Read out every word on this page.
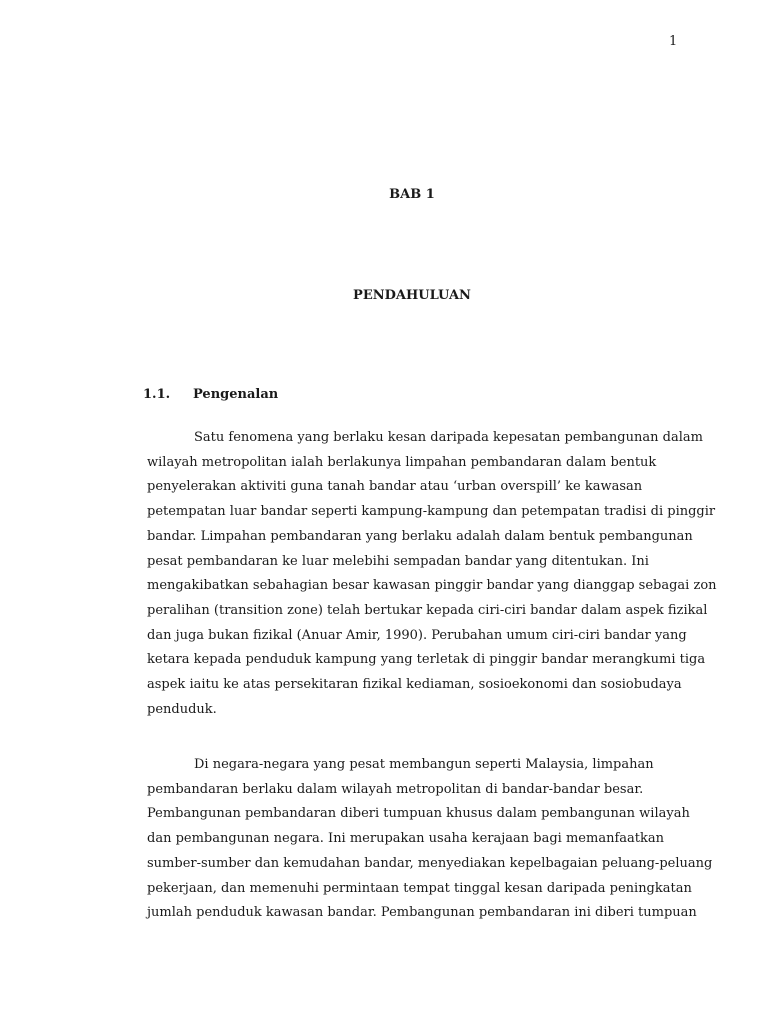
1
BAB 1
PENDAHULUAN
1.1. Pengenalan
Satu fenomena yang berlaku kesan daripada kepesatan pembangunan dalam
wilayah metropolitan ialah berlakunya limpahan pembandaran dalam bentuk
penyelerakan aktiviti guna tanah bandar atau ‘urban overspill’ ke kawasan
petempatan luar bandar seperti kampung-kampung dan petempatan tradisi di pinggir
bandar. Limpahan pembandaran yang berlaku adalah dalam bentuk pembangunan
pesat pembandaran ke luar melebihi sempadan bandar yang ditentukan. Ini
mengakibatkan sebahagian besar kawasan pinggir bandar yang dianggap sebagai zon
peralihan (transition zone) telah bertukar kepada ciri-ciri bandar dalam aspek fizikal
dan juga bukan fizikal (Anuar Amir, 1990). Perubahan umum ciri-ciri bandar yang
ketara kepada penduduk kampung yang terletak di pinggir bandar merangkumi tiga
aspek iaitu ke atas persekitaran fizikal kediaman, sosioekonomi dan sosiobudaya
penduduk.
Di negara-negara yang pesat membangun seperti Malaysia, limpahan
pembandaran berlaku dalam wilayah metropolitan di bandar-bandar besar.
Pembangunan pembandaran diberi tumpuan khusus dalam pembangunan wilayah
dan pembangunan negara. Ini merupakan usaha kerajaan bagi memanfaatkan
sumber-sumber dan kemudahan bandar, menyediakan kepelbagaian peluang-peluang
pekerjaan, dan memenuhi permintaan tempat tinggal kesan daripada peningkatan
jumlah penduduk kawasan bandar. Pembangunan pembandaran ini diberi tumpuan
